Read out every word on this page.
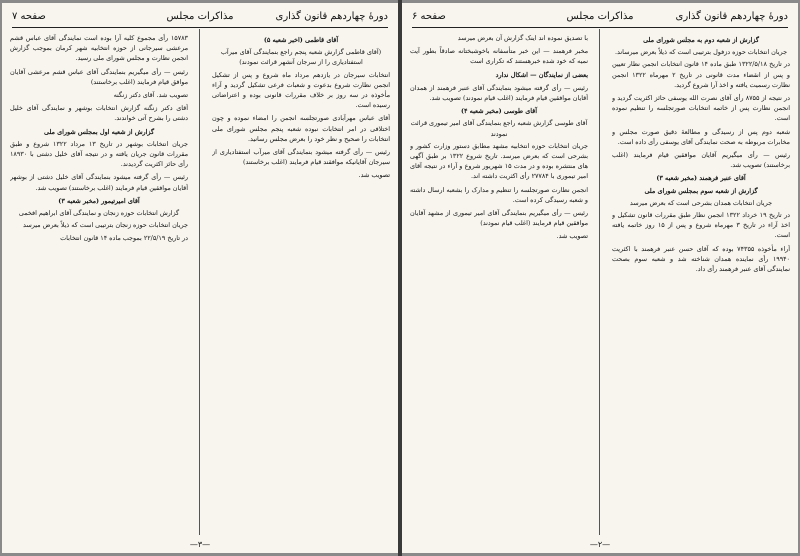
دورهٔ چهاردهم قانون گذاری
مذاکرات مجلس
صفحه ۷

آقای قاطمی (اخبر شعبه ۵)

(آقای قاطمی گزارش شعبه پنجم راجع بنمایندگی آقای میرآب استفتادیاری را از سرجان آنشهر قرائت نمودند)

انتخابات سیرجان در یازدهم مرداد ماه شروع و پس از تشکیل انجمن نظارت شروع بدعوت و شعبات فرعی تشکیل گردید و آراء مأخوذه در سه روز بر خلاف مقررات قانونی بوده و اعتراضاتی رسیده است.

آقای عباس مهرآبادی صورتجلسه انجمن را امضاء نموده و چون اختلافی در امر انتخابات نبوده شعبه پنجم مجلس شورای ملی انتخابات را صحیح و نظر خود را بعرض مجلس رسانید.

رئیس — رأی گرفته میشود بنمایندگی آقای میرآب استفتادیاری از سیرجان آقایانیکه موافقند قیام فرمایند (اغلب برخاستند)

تصویب شد.

۱۵۷۸۳ رأی مجموع کلیه آرا بوده است نمایندگی آقای عباس قشم مرعشی سیرجانی از حوزه انتخابیه شهر کرمان بموجب گزارش انجمن نظارت و مجلس شورای ملی رسید.

رئیس — رأی میگیریم بنمایندگی آقای عباس قشم مرعشی آقایان موافق قیام فرمایند (اغلب برخاستند)

تصویب شد. آقای دکتر زنگنه

آقای دکتر زنگنه گزارش انتخابات بوشهر و نمایندگی آقای خلیل دشتی را بشرح آتی خواندند.

گزارش از شعبه اول بمجلس شورای ملی

جریان انتخابات بوشهر در تاریخ ۱۳ مرداد ۱۳۲۲ شروع و طبق مقررات قانون جریان یافته و در نتیجه آقای خلیل دشتی با ۱۸۹۳۰ رأی حائز اکثریت گردیدند.

رئیس — رأی گرفته میشود بنمایندگی آقای خلیل دشتی از بوشهر آقایان موافقین قیام فرمایند (اغلب برخاستند) تصویب شد.

آقای امیرتیمور (مخبر شعبه ۳)

گزارش انتخابات حوزه زنجان و نمایندگی آقای ابراهیم افخمی

جریان انتخابات حوزه زنجان بترتیبی است که ذیلاً بعرض میرسد

در تاریخ ۲۲/۵/۱۹ بموجب ماده ۱۴ قانون انتخابات

—۳—
دورهٔ چهاردهم قانون گذاری
مذاکرات مجلس
صفحه ۶

گزارش از شعبه دوم به مجلس شورای ملی

جریان انتخابات حوزه دزفول بترتیبی است که ذیلاً بعرض میرساند.

در تاریخ ۱۳۲۲/۵/۱۸ طبق ماده ۱۴ قانون انتخابات انجمن نظار تعیین و پس از انقضاء مدت قانونی در تاریخ ۲ مهرماه ۱۳۲۲ انجمن نظارت رسمیت یافته و اخذ آرا شروع گردید.

در نتیجه از ۸۷۵۵ رأی آقای نصرت الله یوسفی حائز اکثریت گردید و انجمن نظارت پس از خاتمه انتخابات صورتجلسه را تنظیم نموده است.

شعبه دوم پس از رسیدگی و مطالعهٔ دقیق صورت مجلس و مخابرات مربوطه به صحت نمایندگی آقای یوسفی رأی داده است.

رئیس — رأی میگیریم آقایان موافقین قیام فرمایند (اغلب برخاستند) تصویب شد.

آقای عنبر فرهمند (مخبر شعبه ۳)

گزارش از شعبه سوم بمجلس شورای ملی

جریان انتخابات همدان بشرحی است که بعرض میرسد

در تاریخ ۱۹ خرداد ۱۳۲۲ انجمن نظار طبق مقررات قانون تشکیل و اخذ آراء در تاریخ ۳ مهرماه شروع و پس از ۱۵ روز خاتمه یافته است.

آراء مأخوذه ۷۴۳۵۵ بوده که آقای حسن عنبر فرهمند با اکثریت ۱۹۹۴۰ رأی نماینده همدان شناخته شد و شعبه سوم بصحت نمایندگی آقای عنبر فرهمند رأی داد.

با تصدیق نموده اند اینک گزارش آن بعرض میرسد

مخبر فرهمند — این خبر متأسفانه باخوشبختانه صادقاً بطور آیت نمیه که خود شده خبرهستند که تکراری است

بعضی از نمایندگان — اشکال ندارد

رئیس — رأی گرفته میشود بنمایندگی آقای عنبر فرهمند از همدان آقایان موافقین قیام فرمایند (اغلب قیام نمودند) تصویب شد.

آقای طوسی (مخبر شعبه ۴)

آقای طوسی گزارش شعبه راجع بنمایندگی آقای امیر تیموری قرائت نمودند

جریان انتخابات حوزه انتخابیه مشهد مطابق دستور وزارت کشور و بشرحی است که بعرض میرسد. تاریخ شروع ۱۳۲۲ بر طبق آگهی های منتشره بوده و در مدت ۱۵ شهریور شروع و آراء در نتیجه آقای امیر تیموری با ۲۷۷۸۴ رأی اکثریت داشته اند.

انجمن نظارت صورتجلسه را تنظیم و مدارک را بشعبه ارسال داشته و شعبه رسیدگی کرده است.

رئیس — رأی میگیریم بنمایندگی آقای امیر تیموری از مشهد آقایان موافقین قیام فرمایند (اغلب قیام نمودند)

تصویب شد.

—۲—
